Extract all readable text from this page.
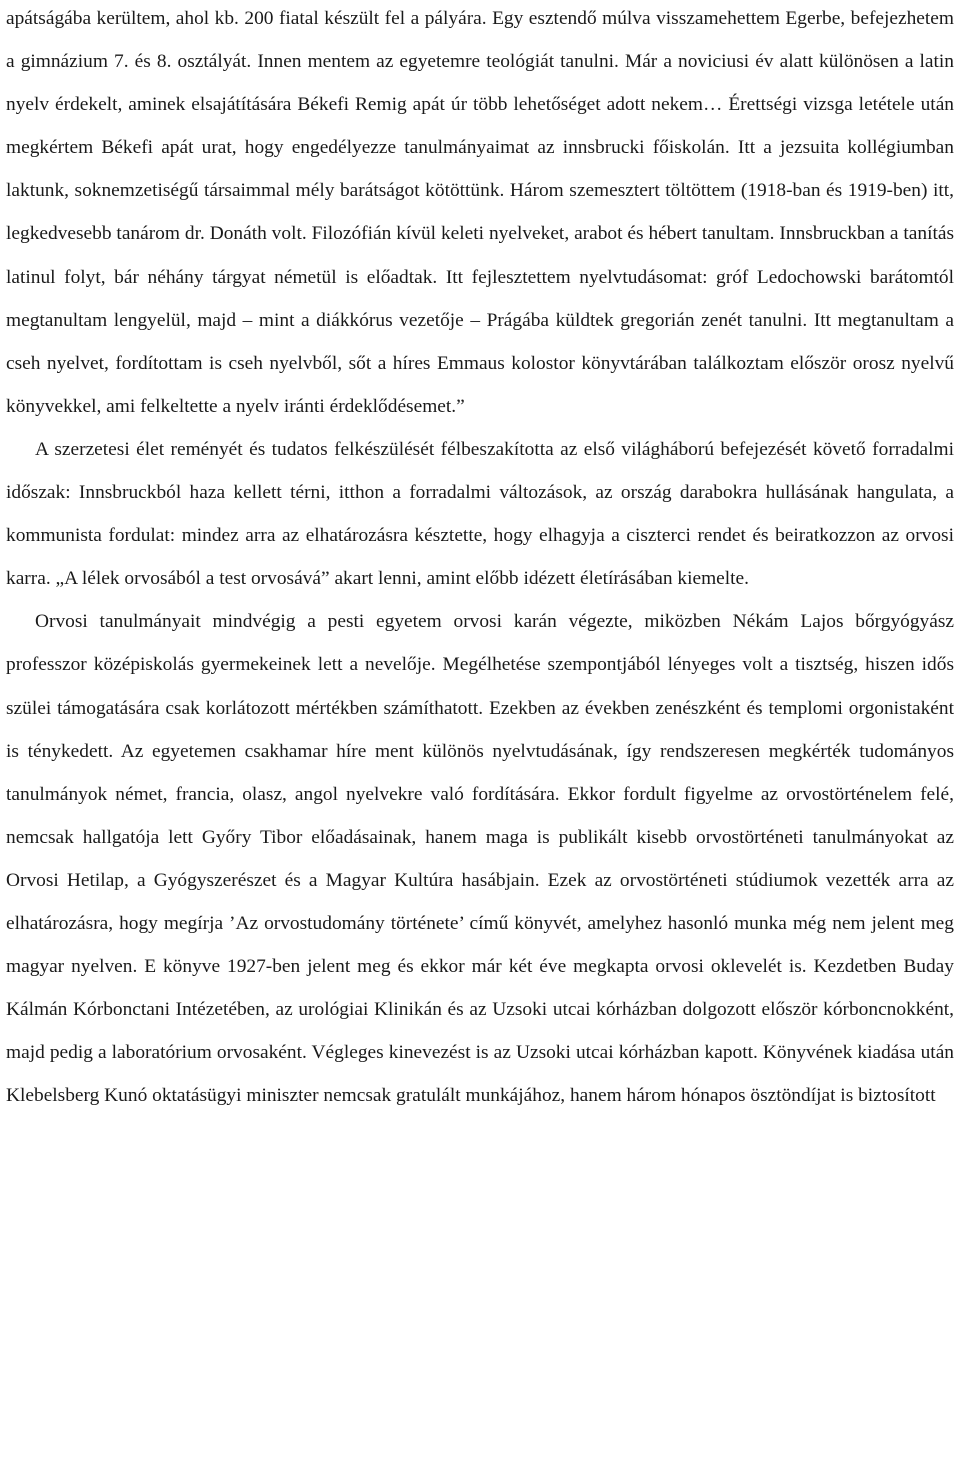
apátságába kerültem, ahol kb. 200 fiatal készült fel a pályára. Egy esztendő múlva visszamehettem Egerbe, befejezhetem a gimnázium 7. és 8. osztályát. Innen mentem az egyetemre teológiát tanulni. Már a noviciusi év alatt különösen a latin nyelv érdekelt, aminek elsajátítására Békefi Remig apát úr több lehetőséget adott nekem… Érettségi vizsga letétele után megkértem Békefi apát urat, hogy engedélyezze tanulmányaimat az innsbrucki főiskolán. Itt a jezsuita kollégiumban laktunk, soknemzetiségű társaimmal mély barátságot kötöttünk. Három szemesztert töltöttem (1918-ban és 1919-ben) itt, legkedvesebb tanárom dr. Donáth volt. Filozófián kívül keleti nyelveket, arabot és hébert tanultam. Innsbruckban a tanítás latinul folyt, bár néhány tárgyat németül is előadtak. Itt fejlesztettem nyelvtudásomat: gróf Ledochowski barátomtól megtanultam lengyelül, majd – mint a diákkórus vezetője – Prágába küldtek gregorián zenét tanulni. Itt megtanultam a cseh nyelvet, fordítottam is cseh nyelvből, sőt a híres Emmaus kolostor könyvtárában találkoztam először orosz nyelvű könyvekkel, ami felkeltette a nyelv iránti érdeklődésemet.”

A szerzetesi élet reményét és tudatos felkészülését félbeszakította az első világháború befejezését követő forradalmi időszak: Innsbruckból haza kellett térni, itthon a forradalmi változások, az ország darabokra hullásának hangulata, a kommunista fordulat: mindez arra az elhatározásra késztette, hogy elhagyja a ciszterci rendet és beiratkozzon az orvosi karra. „A lélek orvosából a test orvosává” akart lenni, amint előbb idézett életírásában kiemelte.

Orvosi tanulmányait mindvégig a pesti egyetem orvosi karán végezte, miközben Nékám Lajos bőrgyógyász professzor középiskolás gyermekeinek lett a nevelője. Megélhetése szempontjából lényeges volt a tisztség, hiszen idős szülei támogatására csak korlátozott mértékben számíthatott. Ezekben az években zenészként és templomi orgonistaként is ténykedett. Az egyetemen csakhamar híre ment különös nyelvtudásának, így rendszeresen megkérték tudományos tanulmányok német, francia, olasz, angol nyelvekre való fordítására. Ekkor fordult figyelme az orvostörténelem felé, nemcsak hallgatója lett Győry Tibor előadásainak, hanem maga is publikált kisebb orvostörténeti tanulmányokat az Orvosi Hetilap, a Gyógyszerészet és a Magyar Kultúra hasábjain. Ezek az orvostörténeti stúdiumok vezették arra az elhatározásra, hogy megírja ’Az orvostudomány története’ című könyvét, amelyhez hasonló munka még nem jelent meg magyar nyelven. E könyve 1927-ben jelent meg és ekkor már két éve megkapta orvosi oklevelét is. Kezdetben Buday Kálmán Kórbonctani Intézetében, az urológiai Klinikán és az Uzsoki utcai kórházban dolgozott először kórboncnokként, majd pedig a laboratórium orvosaként. Végleges kinevezést is az Uzsoki utcai kórházban kapott. Könyvének kiadása után Klebelsberg Kunó oktatásügyi miniszter nemcsak gratulált munkájához, hanem három hónapos ösztöndíjat is biztosított
